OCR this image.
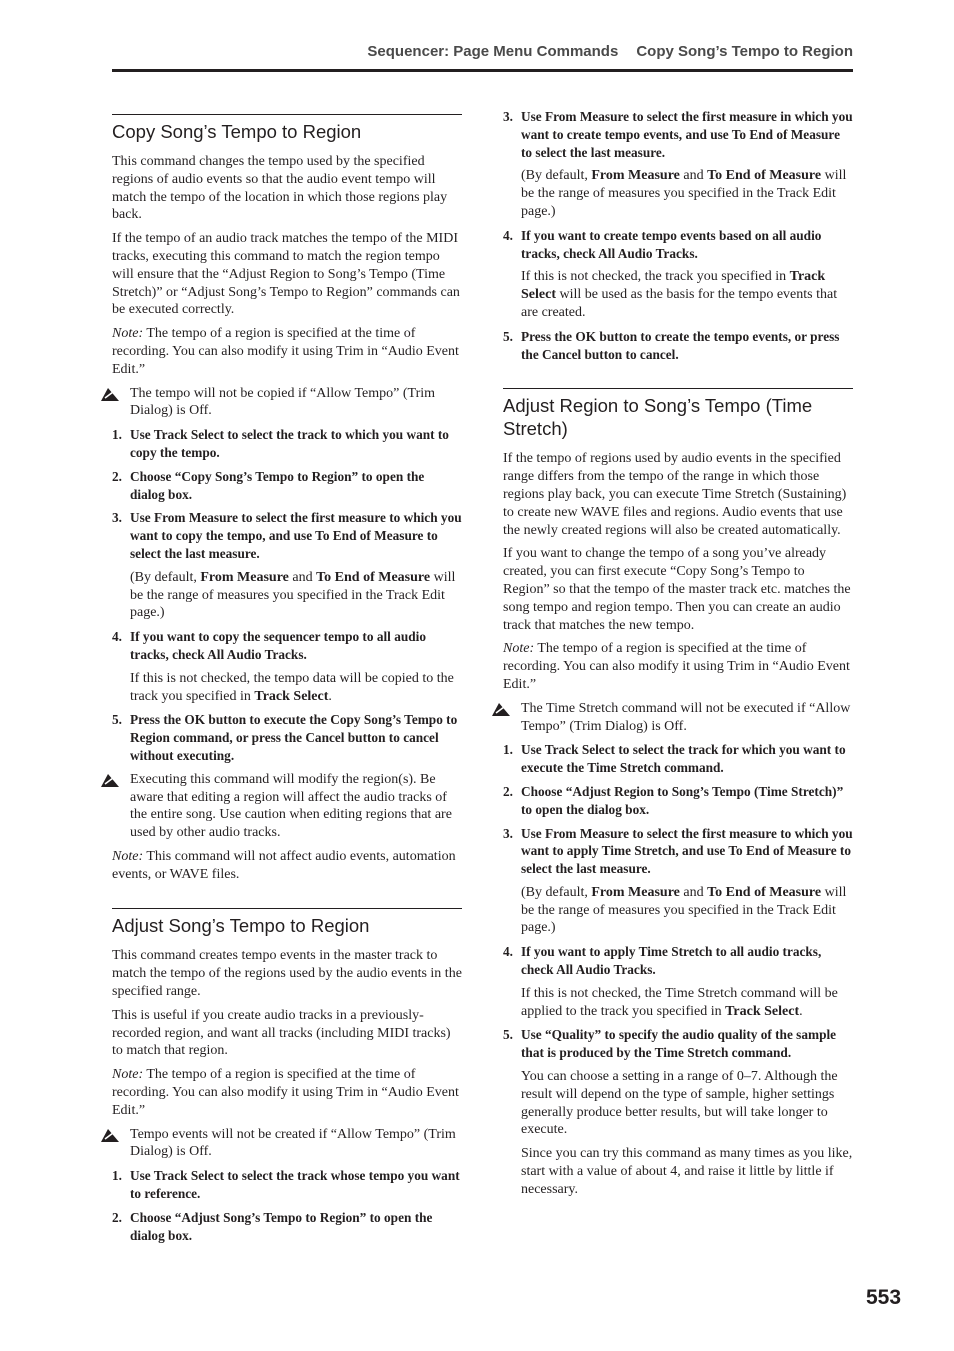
Sequencer: Page Menu Commands Copy Song’s Tempo to Region
Copy Song’s Tempo to Region

This command changes the tempo used by the specified regions of audio events so that the audio event tempo will match the tempo of the location in which those regions play back.

If the tempo of an audio track matches the tempo of the MIDI tracks, executing this command to match the region tempo will ensure that the “Adjust Region to Song’s Tempo (Time Stretch)” or “Adjust Song’s Tempo to Region” commands can be executed correctly.

Note: The tempo of a region is specified at the time of recording. You can also modify it using Trim in “Audio Event Edit.”

The tempo will not be copied if “Allow Tempo” (Trim Dialog) is Off.
1. Use Track Select to select the track to which you want to copy the tempo.
2. Choose “Copy Song’s Tempo to Region” to open the dialog box.
3. Use From Measure to select the first measure to which you want to copy the tempo, and use To End of Measure to select the last measure.

(By default, From Measure and To End of Measure will be the range of measures you specified in the Track Edit page.)

4. If you want to copy the sequencer tempo to all audio tracks, check All Audio Tracks.

If this is not checked, the tempo data will be copied to the track you specified in Track Select.

5. Press the OK button to execute the Copy Song’s Tempo to Region command, or press the Cancel button to cancel without executing.
Executing this command will modify the region(s). Be aware that editing a region will affect the audio tracks of the entire song. Use caution when editing regions that are used by other audio tracks.

Note: This command will not affect audio events, automation events, or WAVE files.

Adjust Song’s Tempo to Region

This command creates tempo events in the master track to match the tempo of the regions used by the audio events in the specified range.

This is useful if you create audio tracks in a previously-recorded region, and want all tracks (including MIDI tracks) to match that region.

Note: The tempo of a region is specified at the time of recording. You can also modify it using Trim in “Audio Event Edit.”

Tempo events will not be created if “Allow Tempo” (Trim Dialog) is Off.
1. Use Track Select to select the track whose tempo you want to reference.
2. Choose “Adjust Song’s Tempo to Region” to open the dialog box.
3. Use From Measure to select the first measure in which you want to create tempo events, and use To End of Measure to select the last measure.

(By default, From Measure and To End of Measure will be the range of measures you specified in the Track Edit page.)

4. If you want to create tempo events based on all audio tracks, check All Audio Tracks.

If this is not checked, the track you specified in Track Select will be used as the basis for the tempo events that are created.

5. Press the OK button to create the tempo events, or press the Cancel button to cancel.
Adjust Region to Song’s Tempo (Time Stretch)

If the tempo of regions used by audio events in the specified range differs from the tempo of the range in which those regions play back, you can execute Time Stretch (Sustaining) to create new WAVE files and regions. Audio events that use the newly created regions will also be created automatically.

If you want to change the tempo of a song you’ve already created, you can first execute “Copy Song’s Tempo to Region” so that the tempo of the master track etc. matches the song tempo and region tempo. Then you can create an audio track that matches the new tempo.

Note: The tempo of a region is specified at the time of recording. You can also modify it using Trim in “Audio Event Edit.”

The Time Stretch command will not be executed if “Allow Tempo” (Trim Dialog) is Off.
1. Use Track Select to select the track for which you want to execute the Time Stretch command.
2. Choose “Adjust Region to Song’s Tempo (Time Stretch)” to open the dialog box.
3. Use From Measure to select the first measure to which you want to apply Time Stretch, and use To End of Measure to select the last measure.

(By default, From Measure and To End of Measure will be the range of measures you specified in the Track Edit page.)

4. If you want to apply Time Stretch to all audio tracks, check All Audio Tracks.

If this is not checked, the Time Stretch command will be applied to the track you specified in Track Select.

5. Use “Quality” to specify the audio quality of the sample that is produced by the Time Stretch command.

You can choose a setting in a range of 0–7. Although the result will depend on the type of sample, higher settings generally produce better results, but will take longer to execute.

Since you can try this command as many times as you like, start with a value of about 4, and raise it little by little if necessary.

553
